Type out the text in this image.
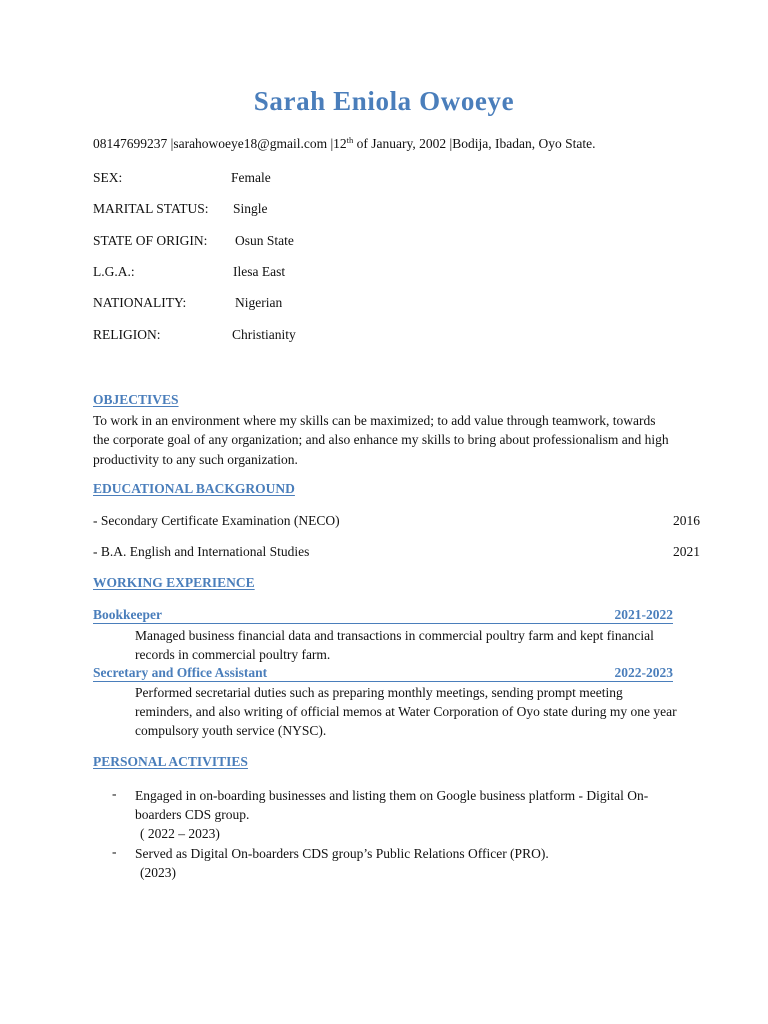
Sarah Eniola Owoeye
08147699237 |sarahowoeye18@gmail.com |12th of January, 2002 |Bodija, Ibadan, Oyo State.
SEX:	Female
MARITAL STATUS: Single
STATE OF ORIGIN: Osun State
L.G.A.:	Ilesa East
NATIONALITY:	Nigerian
RELIGION:	Christianity
OBJECTIVES
To work in an environment where my skills can be maximized; to add value through teamwork, towards the corporate goal of any organization; and also enhance my skills to bring about professionalism and high productivity to any such organization.
EDUCATIONAL BACKGROUND
- Secondary Certificate Examination (NECO)	2016
- B.A. English and International Studies	2021
WORKING EXPERIENCE
Bookkeeper	2021-2022
Managed business financial data and transactions in commercial poultry farm and kept financial records in commercial poultry farm.
Secretary and Office Assistant	2022-2023
Performed secretarial duties such as preparing monthly meetings, sending prompt meeting reminders, and also writing of official memos at Water Corporation of Oyo state during my one year compulsory youth service (NYSC).
PERSONAL ACTIVITIES
- Engaged in on-boarding businesses and listing them on Google business platform - Digital On-boarders CDS group.
( 2022 – 2023)
- Served as Digital On-boarders CDS group’s Public Relations Officer (PRO).
(2023)
